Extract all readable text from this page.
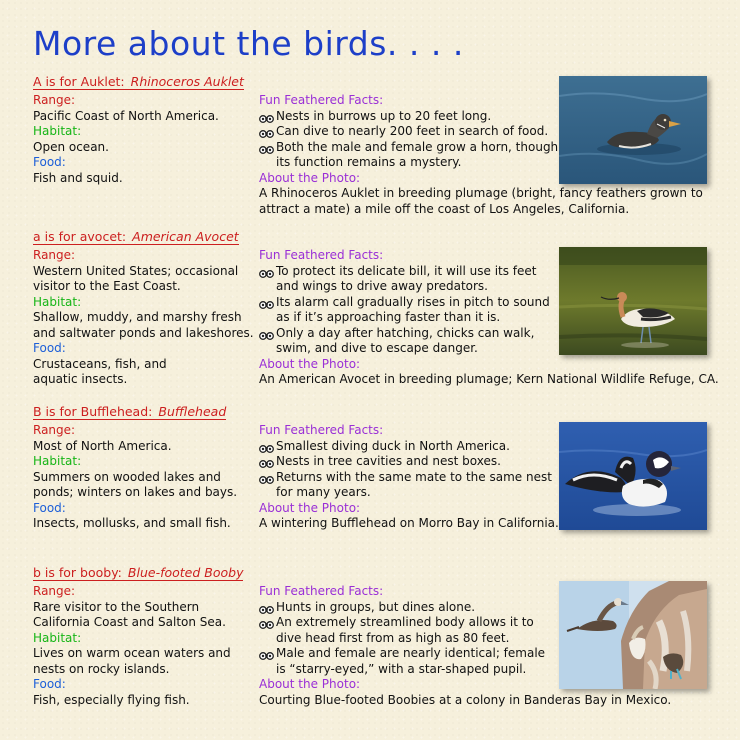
More about the birds. . . .
A is for Auklet: Rhinoceros Auklet
Range:
Pacific Coast of North America.
Habitat:
Open ocean.
Food:
Fish and squid.
Fun Feathered Facts:
Nests in burrows up to 20 feet long.
Can dive to nearly 200 feet in search of food.
Both the male and female grow a horn, though
its function remains a mystery.
About the Photo:
A Rhinoceros Auklet in breeding plumage (bright, fancy feathers grown to
attract a mate) a mile off the coast of Los Angeles, California.
a is for avocet: American Avocet
Range:
Western United States; occasional
visitor to the East Coast.
Habitat:
Shallow, muddy, and marshy fresh
and saltwater ponds and lakeshores.
Food:
Crustaceans, fish, and
aquatic insects.
Fun Feathered Facts:
To protect its delicate bill, it will use its feet
and wings to drive away predators.
Its alarm call gradually rises in pitch to sound
as if it’s approaching faster than it is.
Only a day after hatching, chicks can walk,
swim, and dive to escape danger.
About the Photo:
An American Avocet in breeding plumage; Kern National Wildlife Refuge, CA.
B is for Bufflehead: Bufflehead
Range:
Most of North America.
Habitat:
Summers on wooded lakes and
ponds; winters on lakes and bays.
Food:
Insects, mollusks, and small fish.
Fun Feathered Facts:
Smallest diving duck in North America.
Nests in tree cavities and nest boxes.
Returns with the same mate to the same nest
for many years.
About the Photo:
A wintering Bufflehead on Morro Bay in California.
b is for booby: Blue-footed Booby
Range:
Rare visitor to the Southern
California Coast and Salton Sea.
Habitat:
Lives on warm ocean waters and
nests on rocky islands.
Food:
Fish, especially flying fish.
Fun Feathered Facts:
Hunts in groups, but dines alone.
An extremely streamlined body allows it to
dive head first from as high as 80 feet.
Male and female are nearly identical; female
is “starry-eyed,” with a star-shaped pupil.
About the Photo:
Courting Blue-footed Boobies at a colony in Banderas Bay in Mexico.
